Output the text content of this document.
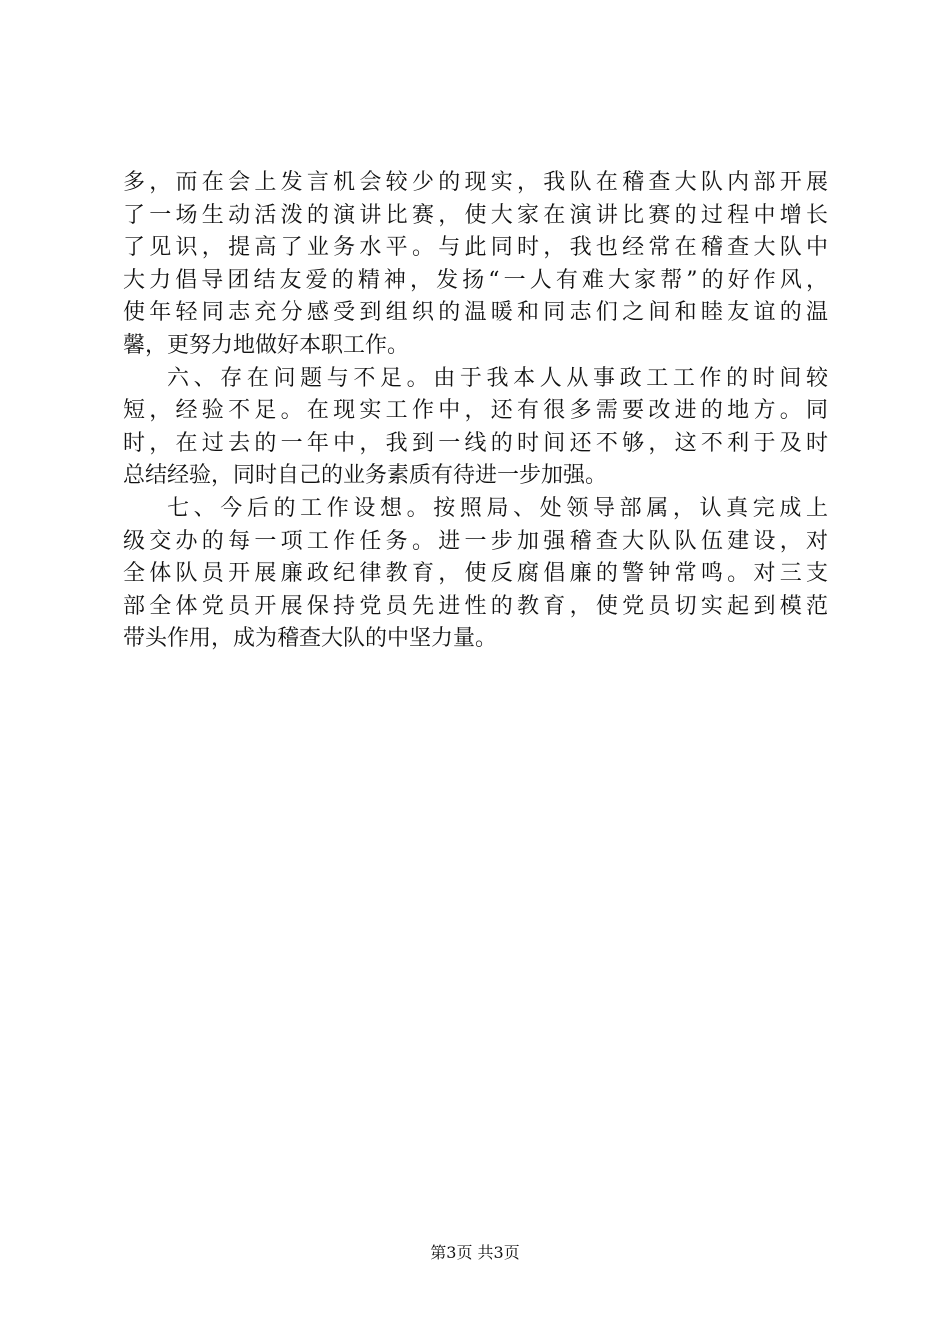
多，而在会上发言机会较少的现实，我队在稽查大队内部开展
了一场生动活泼的演讲比赛，使大家在演讲比赛的过程中增长
了见识，提高了业务水平。与此同时，我也经常在稽查大队中
大力倡导团结友爱的精神，发扬“一人有难大家帮”的好作风，
使年轻同志充分感受到组织的温暖和同志们之间和睦友谊的温
馨，更努力地做好本职工作。
六、存在问题与不足。由于我本人从事政工工作的时间较
短，经验不足。在现实工作中，还有很多需要改进的地方。同
时，在过去的一年中，我到一线的时间还不够，这不利于及时
总结经验，同时自己的业务素质有待进一步加强。
七、今后的工作设想。按照局、处领导部属，认真完成上
级交办的每一项工作任务。进一步加强稽查大队队伍建设，对
全体队员开展廉政纪律教育，使反腐倡廉的警钟常鸣。对三支
部全体党员开展保持党员先进性的教育，使党员切实起到模范
带头作用，成为稽查大队的中坚力量。
第3页 共3页
